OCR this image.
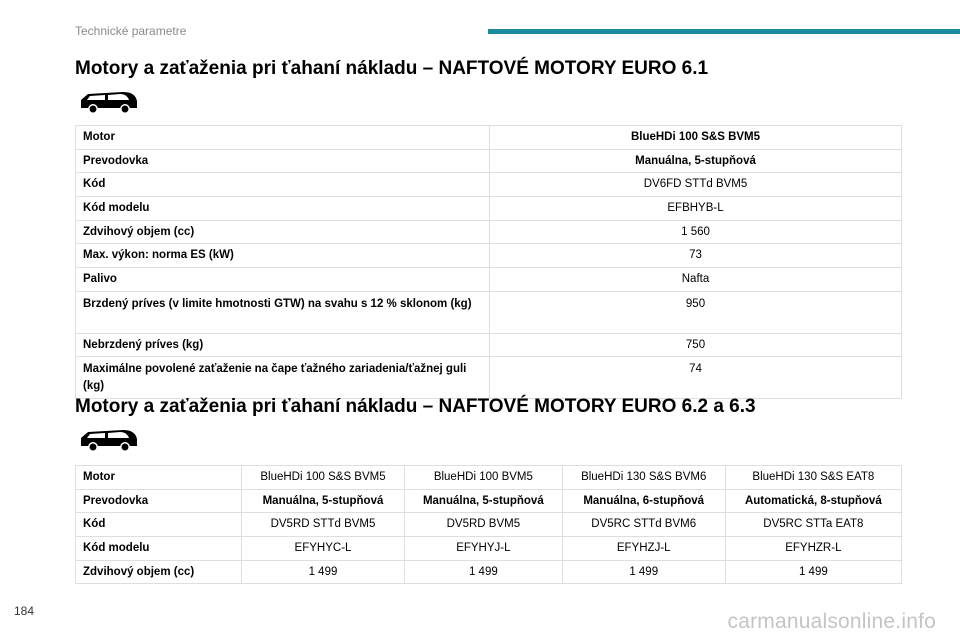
Technické parametre
Motory a zaťaženia pri ťahaní nákladu – NAFTOVÉ MOTORY EURO 6.1
Motor	BlueHDi 100 S&S BVM5
Prevodovka	Manuálna, 5-stupňová
Kód	DV6FD STTd BVM5
Kód modelu	EFBHYB-L
Zdvihový objem (cc)	1 560
Max. výkon: norma ES (kW)	73
Palivo	Nafta
Brzdený príves (v limite hmotnosti GTW) na svahu s 12 % sklonom (kg)	950
Nebrzdený príves (kg)	750
Maximálne povolené zaťaženie na čape ťažného zariadenia/ťažnej guli (kg)	74
Motory a zaťaženia pri ťahaní nákladu – NAFTOVÉ MOTORY EURO 6.2 a 6.3
Motor	BlueHDi 100 S&S BVM5	BlueHDi 100 BVM5	BlueHDi 130 S&S BVM6	BlueHDi 130 S&S EAT8
Prevodovka	Manuálna, 5-stupňová	Manuálna, 5-stupňová	Manuálna, 6-stupňová	Automatická, 8-stupňová
Kód	DV5RD STTd BVM5	DV5RD BVM5	DV5RC STTd BVM6	DV5RC STTa EAT8
Kód modelu	EFYHYC-L	EFYHYJ-L	EFYHZJ-L	EFYHZR-L
Zdvihový objem (cc)	1 499	1 499	1 499	1 499
184	carmanualsonline.info
